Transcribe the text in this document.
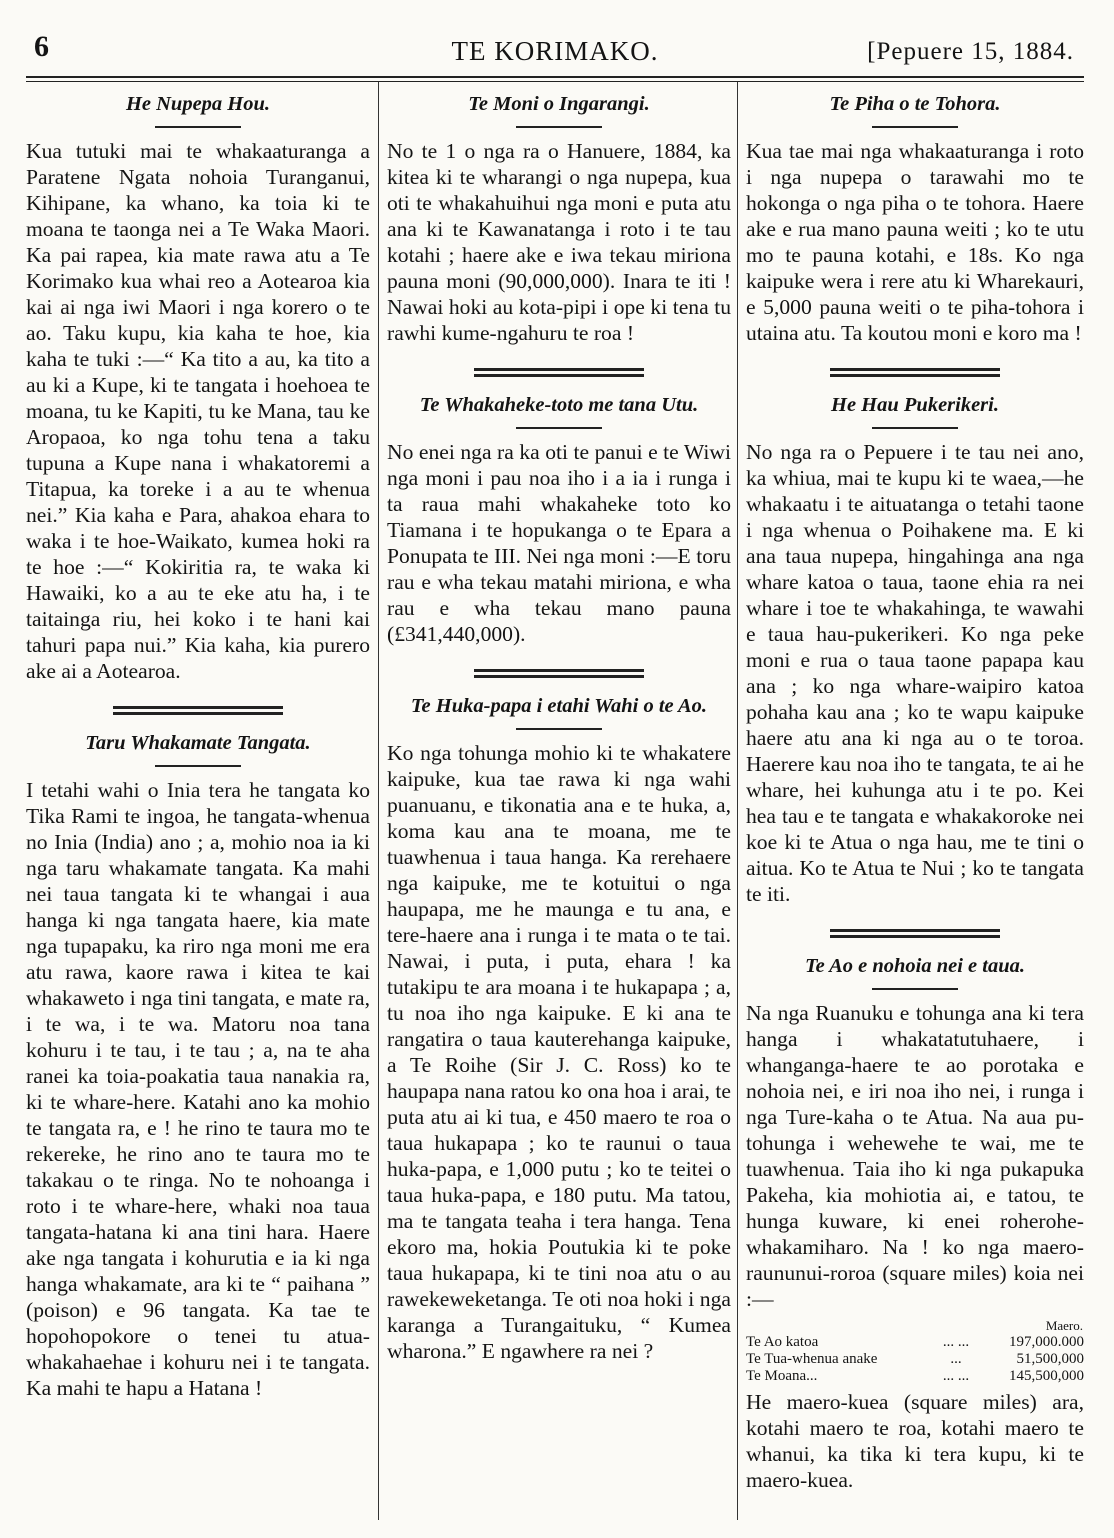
6	TE KORIMAKO.	[Pepuere 15, 1884.
He Nupepa Hou.

Kua tutuki mai te whakaaturanga a Paratene Ngata nohoia Turanganui, Kihipane, ka whano, ka toia ki te moana te taonga nei a Te Waka Maori. Ka pai rapea, kia mate rawa atu a Te Korimako kua whai reo a Aotearoa kia kai ai nga iwi Maori i nga korero o te ao. Taku kupu, kia kaha te hoe, kia kaha te tuki :—“ Ka tito a au, ka tito a au ki a Kupe, ki te tangata i hoehoea te moana, tu ke Kapiti, tu ke Mana, tau ke Aropaoa, ko nga tohu tena a taku tupuna a Kupe nana i whakatoremi a Titapua, ka toreke i a au te whenua nei.” Kia kaha e Para, ahakoa ehara to waka i te hoe-Waikato, kumea hoki ra te hoe :—“ Kokiritia ra, te waka ki Hawaiki, ko a au te eke atu ha, i te taitainga riu, hei koko i te hani kai tahuri papa nui.” Kia kaha, kia purero ake ai a Aotearoa.

Taru Whakamate Tangata.

I tetahi wahi o Inia tera he tangata ko Tika Rami te ingoa, he tangata-whenua no Inia (India) ano ; a, mohio noa ia ki nga taru whakamate tangata. Ka mahi nei taua tangata ki te whangai i aua hanga ki nga tangata haere, kia mate nga tupapaku, ka riro nga moni me era atu rawa, kaore rawa i kitea te kai whakaweto i nga tini tangata, e mate ra, i te wa, i te wa. Matoru noa tana kohuru i te tau, i te tau ; a, na te aha ranei ka toia-poakatia taua nanakia ra, ki te whare-here. Katahi ano ka mohio te tangata ra, e ! he rino te taura mo te rekereke, he rino ano te taura mo te takakau o te ringa. No te nohoanga i roto i te whare-here, whaki noa taua tangata-hatana ki ana tini hara. Haere ake nga tangata i kohurutia e ia ki nga hanga whakamate, ara ki te “ paihana ” (poison) e 96 tangata. Ka tae te hopohopokore o tenei tu atua-whakahaehae i kohuru nei i te tangata. Ka mahi te hapu a Hatana !

Te Moni o Ingarangi.

No te 1 o nga ra o Hanuere, 1884, ka kitea ki te wharangi o nga nupepa, kua oti te whakahuihui nga moni e puta atu ana ki te Kawanatanga i roto i te tau kotahi ; haere ake e iwa tekau miriona pauna moni (90,000,000). Inara te iti ! Nawai hoki au kota-pipi i ope ki tena tu rawhi kume-ngahuru te roa !

Te Whakaheke-toto me tana Utu.

No enei nga ra ka oti te panui e te Wiwi nga moni i pau noa iho i a ia i runga i ta raua mahi whakaheke toto ko Tiamana i te hopukanga o te Epara a Ponupata te III. Nei nga moni :—E toru rau e wha tekau matahi miriona, e wha rau e wha tekau mano pauna (£341,440,000).

Te Huka-papa i etahi Wahi o te Ao.

Ko nga tohunga mohio ki te whakatere kaipuke, kua tae rawa ki nga wahi puanuanu, e tikonatia ana e te huka, a, koma kau ana te moana, me te tuawhenua i taua hanga. Ka rerehaere nga kaipuke, me te kotuitui o nga haupapa, me he maunga e tu ana, e tere-haere ana i runga i te mata o te tai. Nawai, i puta, i puta, ehara ! ka tutakipu te ara moana i te hukapapa ; a, tu noa iho nga kaipuke. E ki ana te rangatira o taua kauterehanga kaipuke, a Te Roihe (Sir J. C. Ross) ko te haupapa nana ratou ko ona hoa i arai, te puta atu ai ki tua, e 450 maero te roa o taua hukapapa ; ko te raunui o taua huka-papa, e 1,000 putu ; ko te teitei o taua huka-papa, e 180 putu. Ma tatou, ma te tangata teaha i tera hanga. Tena ekoro ma, hokia Poutukia ki te poke taua hukapapa, ki te tini noa atu o au rawekeweketanga. Te oti noa hoki i nga karanga a Turangaituku, “ Kumea wharona.” E ngawhere ra nei ?

Te Piha o te Tohora.

Kua tae mai nga whakaaturanga i roto i nga nupepa o tarawahi mo te hokonga o nga piha o te tohora. Haere ake e rua mano pauna weiti ; ko te utu mo te pauna kotahi, e 18s. Ko nga kaipuke wera i rere atu ki Wharekauri, e 5,000 pauna weiti o te piha-tohora i utaina atu. Ta koutou moni e koro ma !

He Hau Pukerikeri.

No nga ra o Pepuere i te tau nei ano, ka whiua, mai te kupu ki te waea,—he whakaatu i te aituatanga o tetahi taone i nga whenua o Poihakene ma. E ki ana taua nupepa, hingahinga ana nga whare katoa o taua, taone ehia ra nei whare i toe te whakahinga, te wawahi e taua hau-pukerikeri. Ko nga peke moni e rua o taua taone papapa kau ana ; ko nga whare-waipiro katoa pohaha kau ana ; ko te wapu kaipuke haere atu ana ki nga au o te toroa. Haerere kau noa iho te tangata, te ai he whare, hei kuhunga atu i te po. Kei hea tau e te tangata e whakakoroke nei koe ki te Atua o nga hau, me te tini o aitua. Ko te Atua te Nui ; ko te tangata te iti.

Te Ao e nohoia nei e taua.

Na nga Ruanuku e tohunga ana ki tera hanga i whakatatutuhaere, i whanganga-haere te ao porotaka e nohoia nei, e iri noa iho nei, i runga i nga Ture-kaha o te Atua. Na aua pu-tohunga i wehewehe te wai, me te tuawhenua. Taia iho ki nga pukapuka Pakeha, kia mohiotia ai, e tatou, te hunga kuware, ki enei roherohe-whakamiharo. Na ! ko nga maero-raununui-roroa (square miles) koia nei :—

Maero.		
Te Ao katoa	... ...	197,000.000
Te Tua-whenua anake	...	51,500,000
Te Moana...	... ...	145,500,000

He maero-kuea (square miles) ara, kotahi maero te roa, kotahi maero te whanui, ka tika ki tera kupu, ki te maero-kuea.
